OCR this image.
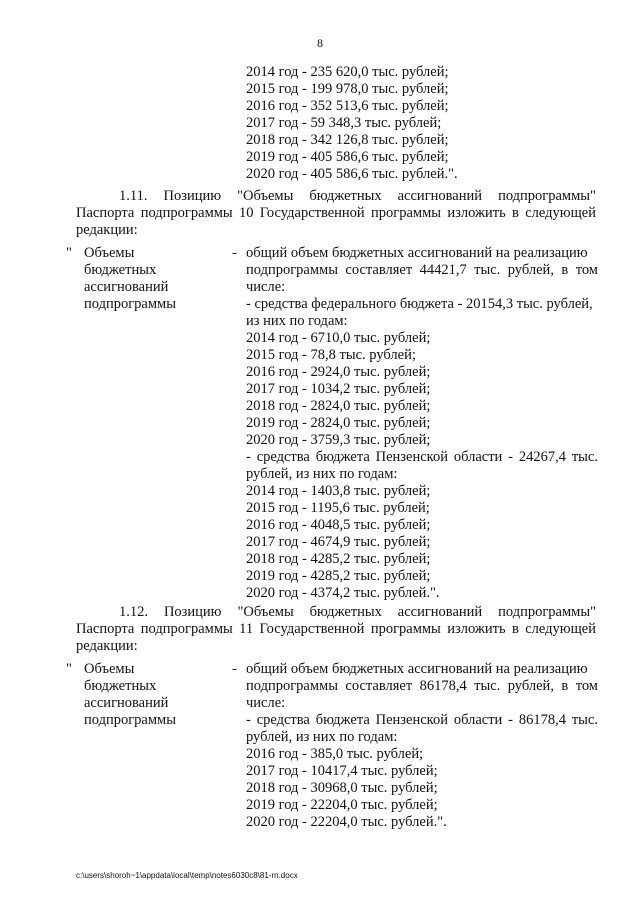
8
2014 год - 235 620,0 тыс. рублей;
2015 год - 199 978,0 тыс. рублей;
2016 год - 352 513,6 тыс. рублей;
2017 год - 59 348,3 тыс. рублей;
2018 год - 342 126,8 тыс. рублей;
2019 год - 405 586,6 тыс. рублей;
2020 год - 405 586,6 тыс. рублей.".
1.11. Позицию "Объемы бюджетных ассигнований подпрограммы"
Паспорта подпрограммы 10 Государственной программы изложить в следующей
редакции:
" Объемы
бюджетных
ассигнований
подпрограммы
- общий объем бюджетных ассигнований на реализацию
подпрограммы составляет 44421,7 тыс. рублей, в том
числе:
- средства федерального бюджета - 20154,3 тыс. рублей,
из них по годам:
2014 год - 6710,0 тыс. рублей;
2015 год - 78,8 тыс. рублей;
2016 год - 2924,0 тыс. рублей;
2017 год - 1034,2 тыс. рублей;
2018 год - 2824,0 тыс. рублей;
2019 год - 2824,0 тыс. рублей;
2020 год - 3759,3 тыс. рублей;
- средства бюджета Пензенской области - 24267,4 тыс.
рублей, из них по годам:
2014 год - 1403,8 тыс. рублей;
2015 год - 1195,6 тыс. рублей;
2016 год - 4048,5 тыс. рублей;
2017 год - 4674,9 тыс. рублей;
2018 год - 4285,2 тыс. рублей;
2019 год - 4285,2 тыс. рублей;
2020 год - 4374,2 тыс. рублей.".
1.12. Позицию "Объемы бюджетных ассигнований подпрограммы"
Паспорта подпрограммы 11 Государственной программы изложить в следующей
редакции:
" Объемы
бюджетных
ассигнований
подпрограммы
- общий объем бюджетных ассигнований на реализацию
подпрограммы составляет 86178,4 тыс. рублей, в том
числе:
- средства бюджета Пензенской области - 86178,4 тыс.
рублей, из них по годам:
2016 год - 385,0 тыс. рублей;
2017 год - 10417,4 тыс. рублей;
2018 год - 30968,0 тыс. рублей;
2019 год - 22204,0 тыс. рублей;
2020 год - 22204,0 тыс. рублей.".
c:\users\shoroh~1\appdata\local\temp\notes6030c8\81-rn.docx
